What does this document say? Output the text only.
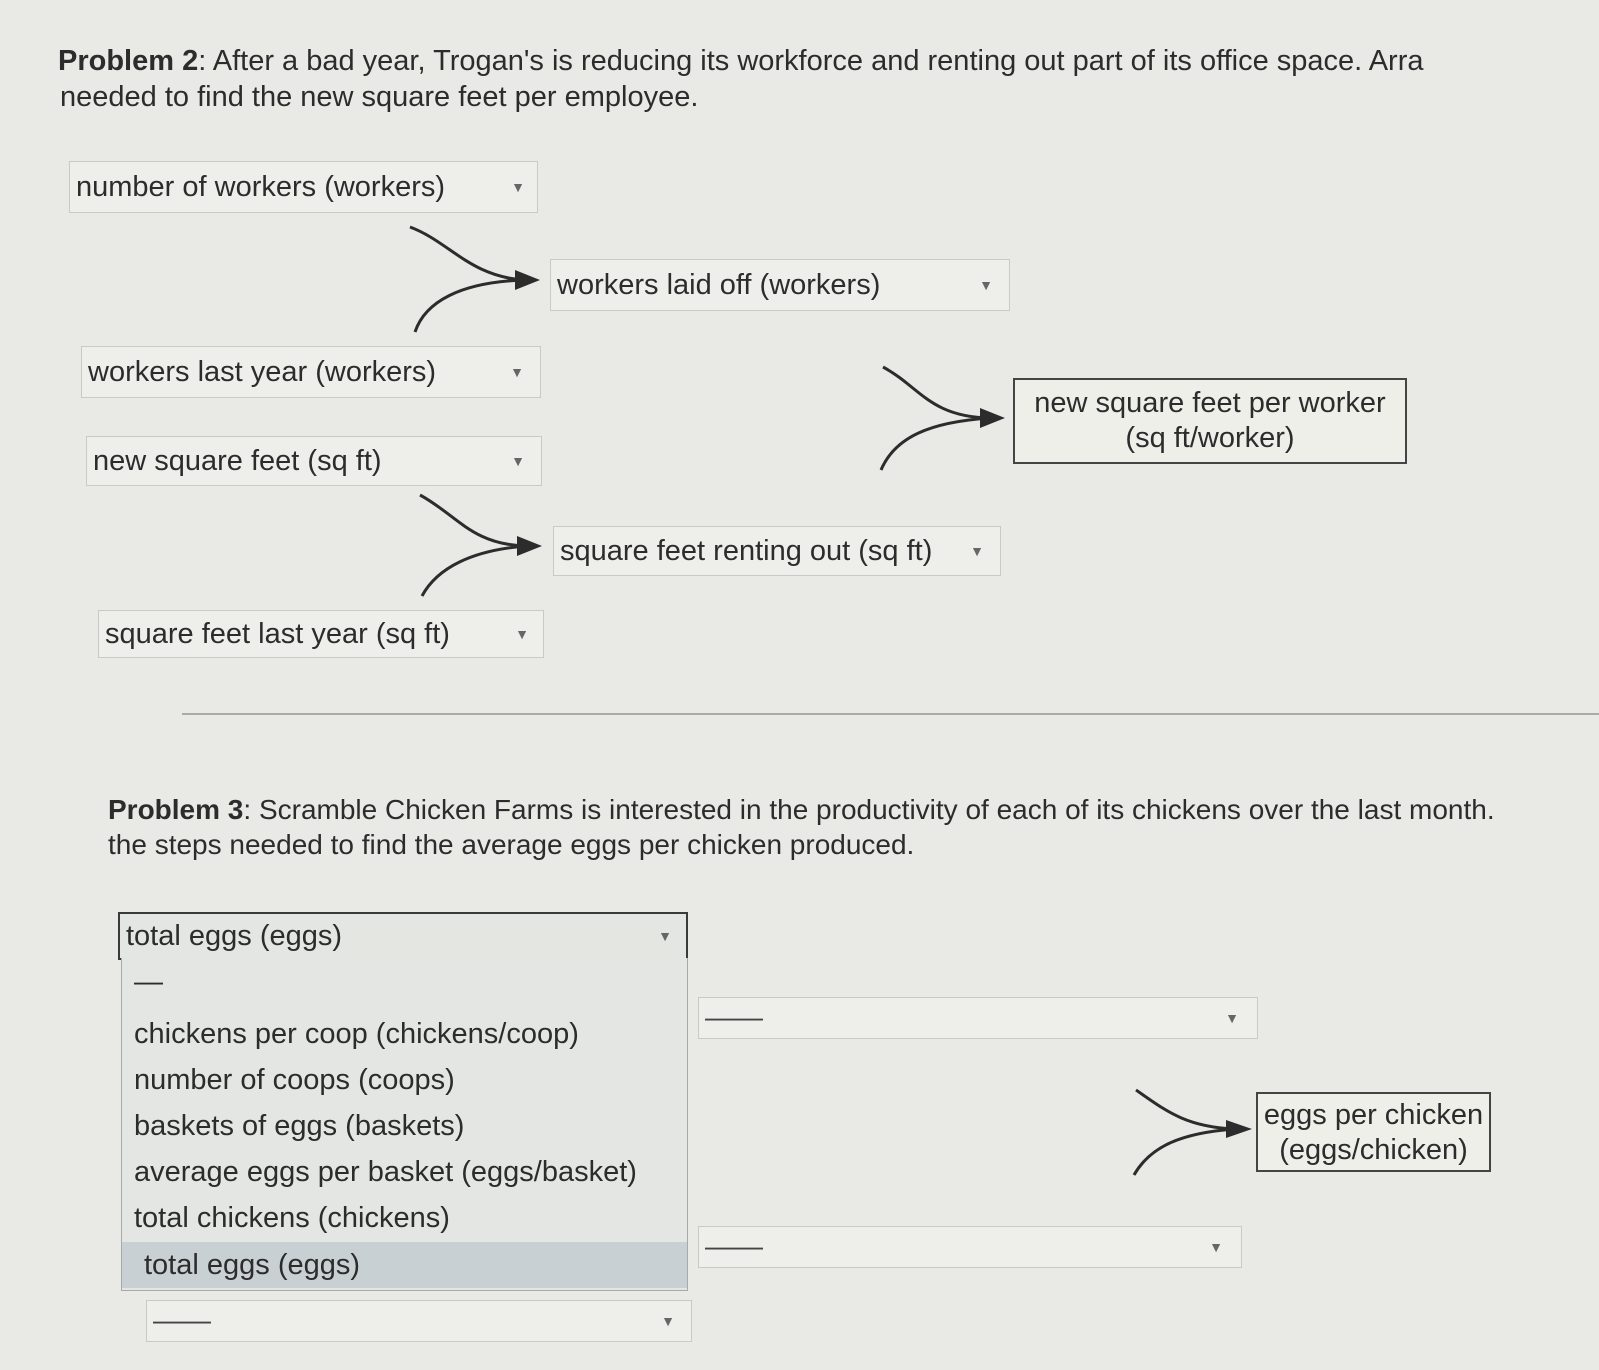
Problem 2: After a bad year, Trogan's is reducing its workforce and renting out part of its office space. Arra

needed to find the new square feet per employee.

number of workers (workers)	▼
workers laid off (workers)	▼
workers last year (workers)	▼
new square feet (sq ft)	▼
square feet renting out (sq ft)	▼
square feet last year (sq ft)	▼
new square feet per worker
(sq ft/worker)

Problem 3: Scramble Chicken Farms is interested in the productivity of each of its chickens over the last month.

the steps needed to find the average eggs per chicken produced.

total eggs (eggs)	▼
—
chickens per coop (chickens/coop)
number of coops (coops)
baskets of eggs (baskets)
average eggs per basket (eggs/basket)
total chickens (chickens)
total eggs (eggs)
——	▼
——	▼
——	▼
eggs per chicken
(eggs/chicken)
